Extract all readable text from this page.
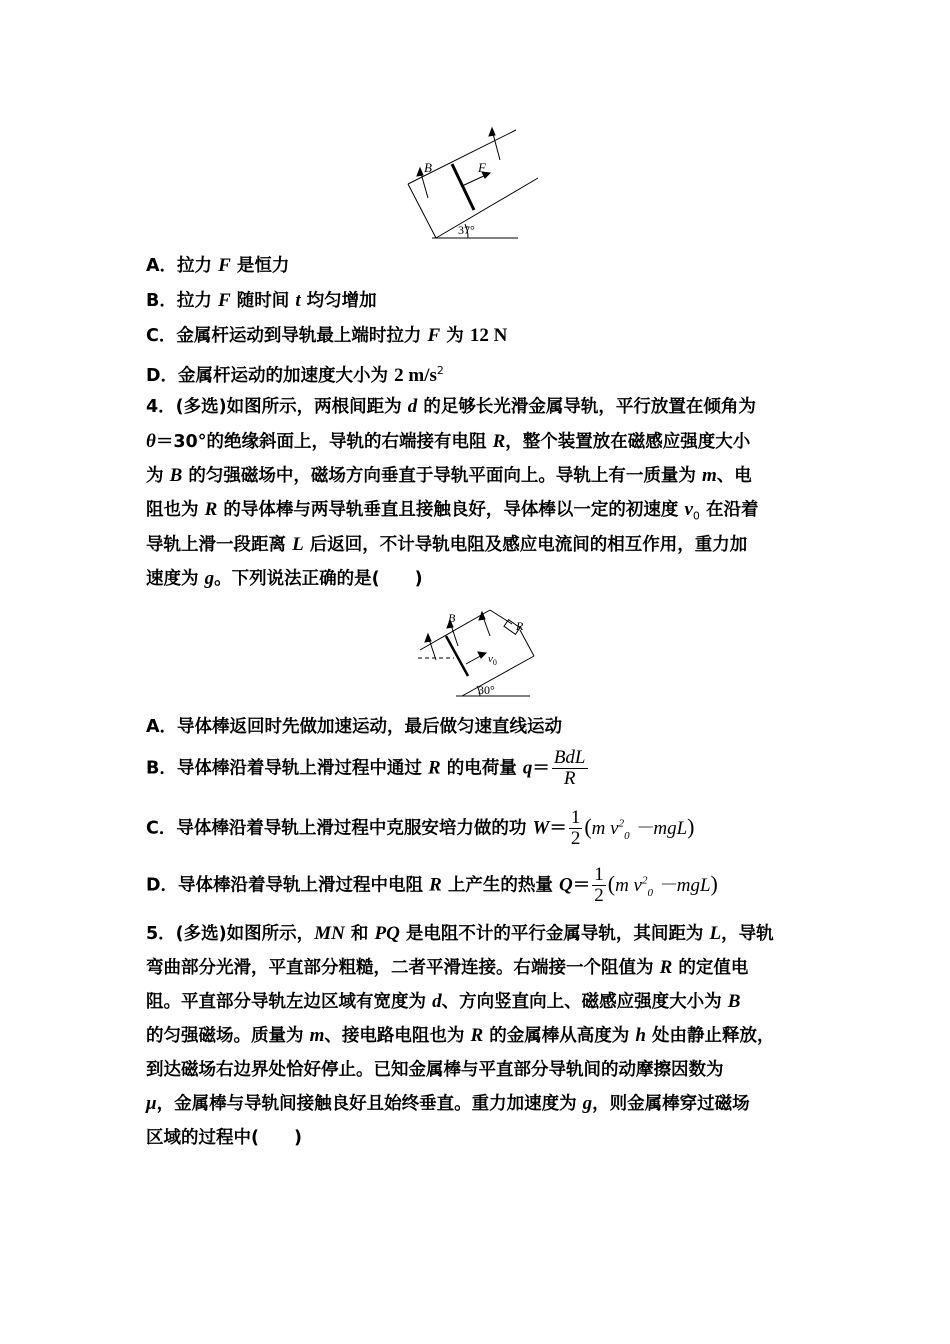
B	F
37°
A．拉力 F 是恒力
B．拉力 F 随时间 t 均匀增加
C．金属杆运动到导轨最上端时拉力 F 为 12 N
D．金属杆运动的加速度大小为 2 $m/s^2$
4．(多选)如图所示，两根间距为 d 的足够长光滑金属导轨，平行放置在倾角为
θ＝30°的绝缘斜面上，导轨的右端接有电阻 R，整个装置放在磁感应强度大小
为 B 的匀强磁场中，磁场方向垂直于导轨平面向上。导轨上有一质量为 m、电
阻也为 R 的导体棒与两导轨垂直且接触良好，导体棒以一定的初速度 $v_0$ 在沿着
导轨上滑一段距离 L 后返回，不计导轨电阻及感应电流间的相互作用，重力加
速度为 g。下列说法正确的是(　　)
B
R
$v_0$
30°
A．导体棒返回时先做加速运动，最后做匀速直线运动
B．导体棒沿着导轨上滑过程中通过 R 的电荷量 $q= \frac{\text{BdL}}{R}$
C．导体棒沿着导轨上滑过程中克服安培力做的功 $W= \frac{1}{2} (m$ $v^2_0 -mgL$)
D．导体棒沿着导轨上滑过程中电阻 R 上产生的热量 $Q= \frac{1}{2} (m$ $v^2_0 -mgL$)
5．(多选)如图所示，MN 和 PQ 是电阻不计的平行金属导轨，其间距为 L，导轨
弯曲部分光滑，平直部分粗糙，二者平滑连接。右端接一个阻值为 R 的定值电
阻。平直部分导轨左边区域有宽度为 d、方向竖直向上、磁感应强度大小为 B
的匀强磁场。质量为 m、接电路电阻也为 R 的金属棒从高度为 h 处由静止释放，
到达磁场右边界处恰好停止。已知金属棒与平直部分导轨间的动摩擦因数为
μ，金属棒与导轨间接触良好且始终垂直。重力加速度为 g，则金属棒穿过磁场
区域的过程中(　　)
